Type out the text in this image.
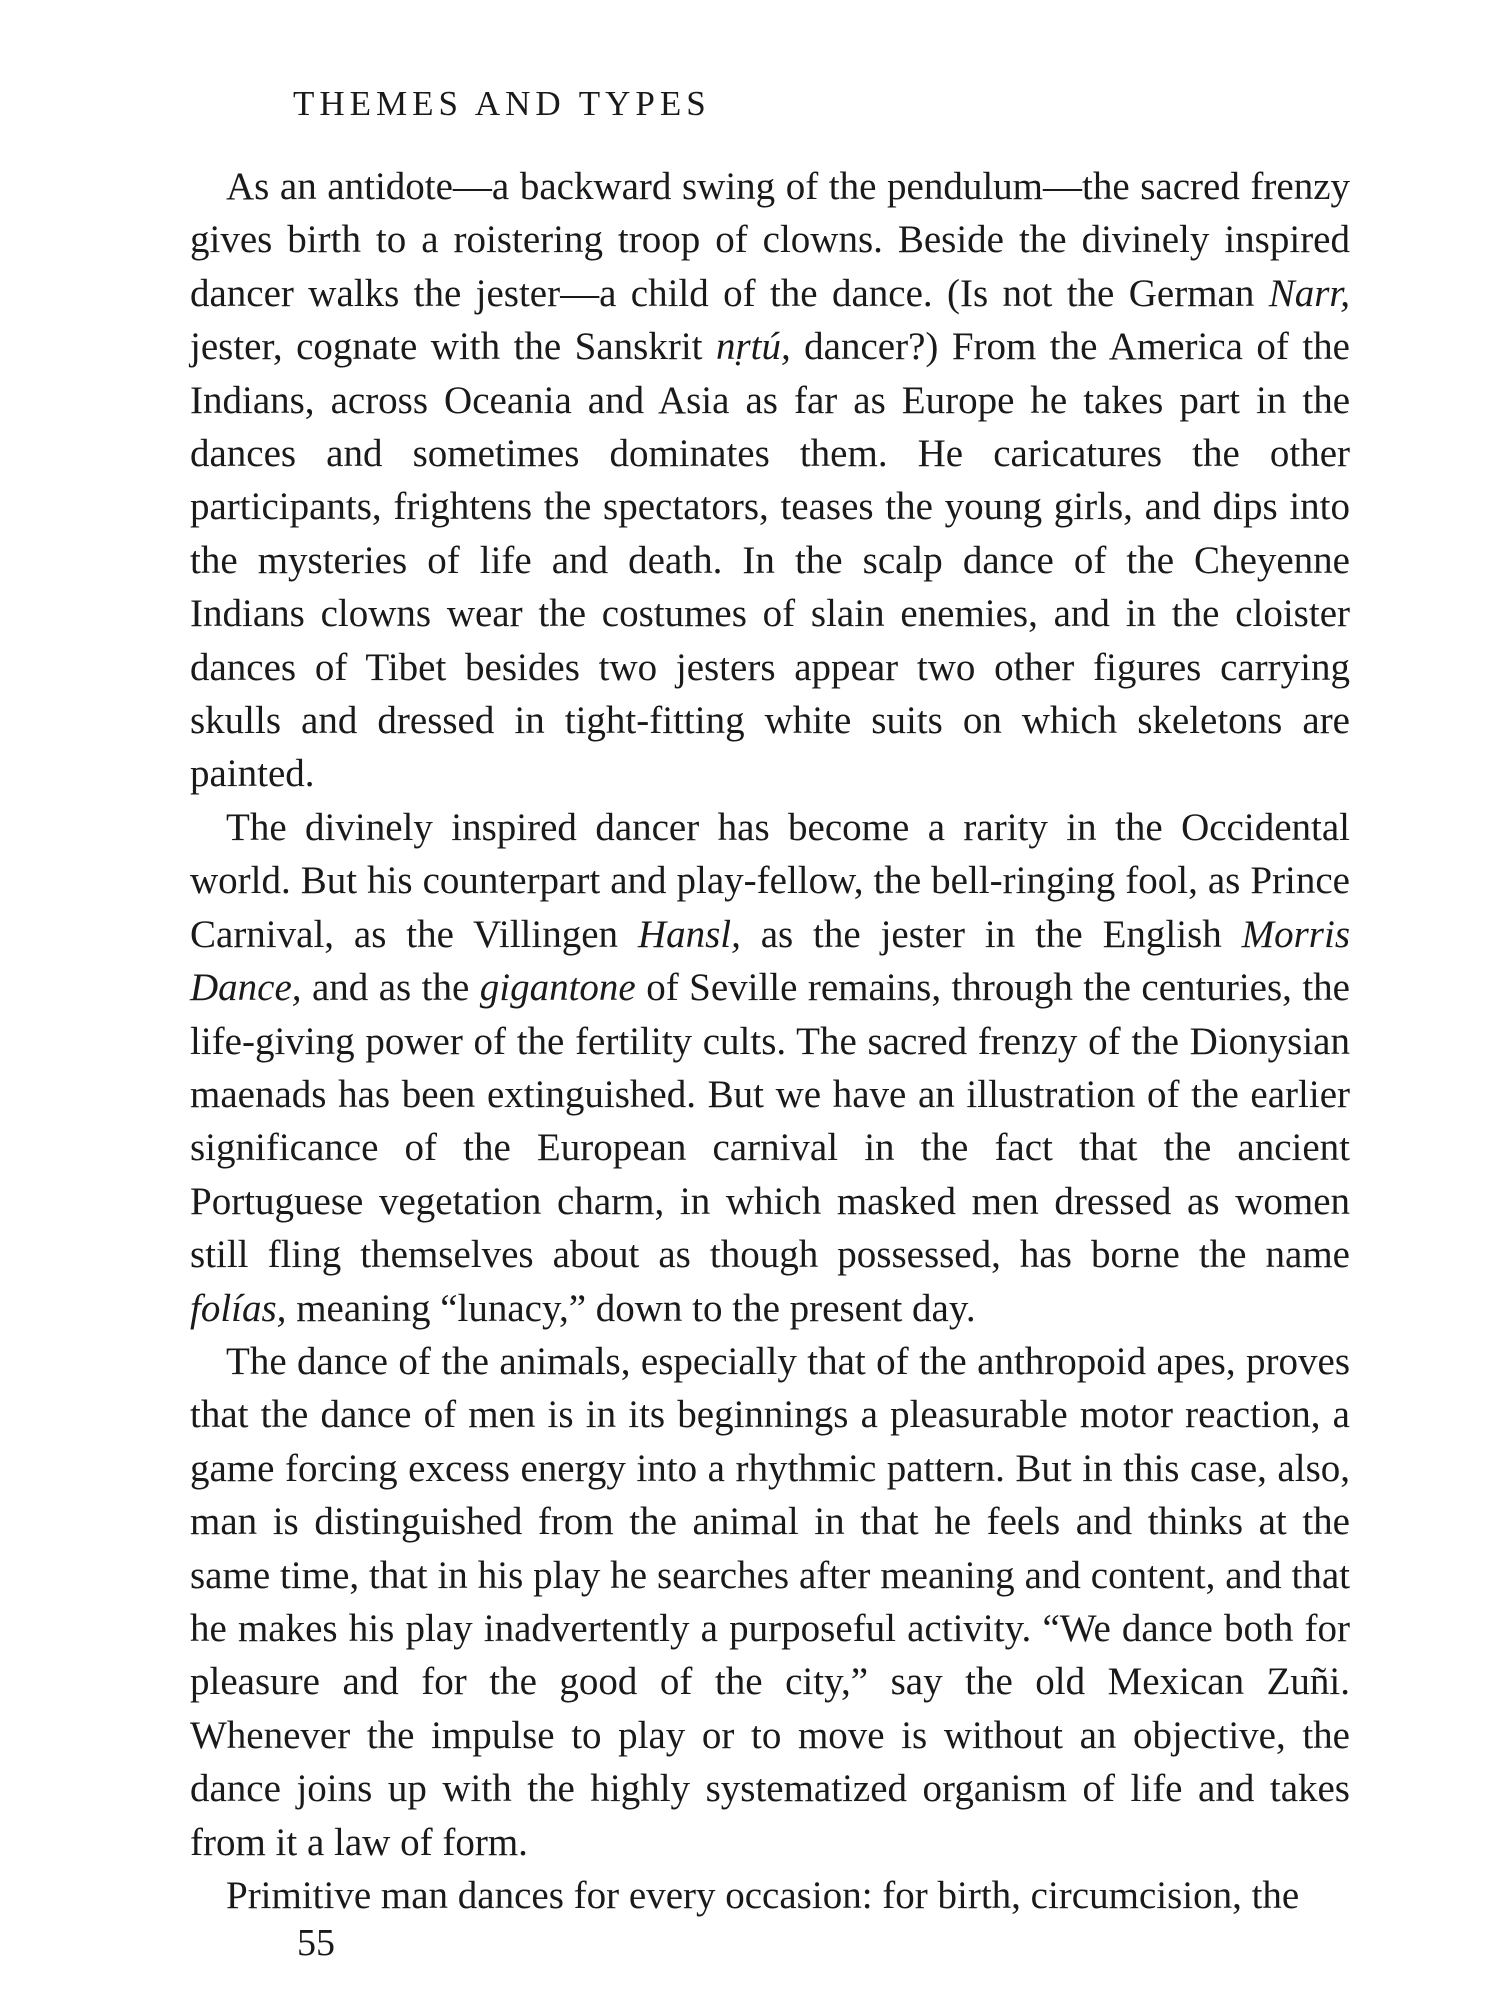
THEMES AND TYPES

As an antidote—a backward swing of the pendulum—the sacred frenzy gives birth to a roistering troop of clowns. Beside the divinely inspired dancer walks the jester—a child of the dance. (Is not the German Narr, jester, cognate with the Sanskrit nṛtú, dancer?) From the America of the Indians, across Oceania and Asia as far as Europe he takes part in the dances and sometimes dominates them. He caricatures the other participants, frightens the spectators, teases the young girls, and dips into the mysteries of life and death. In the scalp dance of the Cheyenne Indians clowns wear the costumes of slain enemies, and in the cloister dances of Tibet besides two jesters appear two other figures carrying skulls and dressed in tight-fitting white suits on which skeletons are painted.

The divinely inspired dancer has become a rarity in the Occidental world. But his counterpart and play-fellow, the bell-ringing fool, as Prince Carnival, as the Villingen Hansl, as the jester in the English Morris Dance, and as the gigantone of Seville remains, through the centuries, the life-giving power of the fertility cults. The sacred frenzy of the Dionysian maenads has been extinguished. But we have an illustration of the earlier significance of the European carnival in the fact that the ancient Portuguese vegetation charm, in which masked men dressed as women still fling themselves about as though possessed, has borne the name folías, meaning “lunacy,” down to the present day.

The dance of the animals, especially that of the anthropoid apes, proves that the dance of men is in its beginnings a pleasurable motor reaction, a game forcing excess energy into a rhythmic pattern. But in this case, also, man is distinguished from the animal in that he feels and thinks at the same time, that in his play he searches after meaning and content, and that he makes his play inadvertently a purposeful activity. “We dance both for pleasure and for the good of the city,” say the old Mexican Zuñi. Whenever the impulse to play or to move is without an objective, the dance joins up with the highly systematized organism of life and takes from it a law of form.

Primitive man dances for every occasion: for birth, circumcision, the

55
